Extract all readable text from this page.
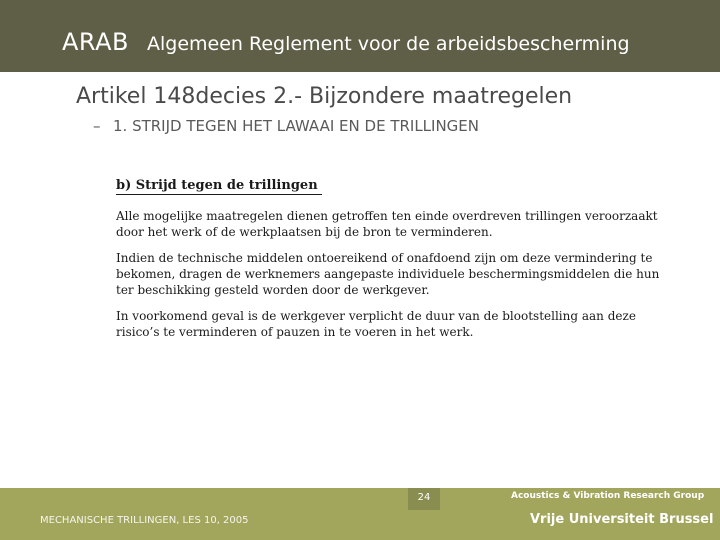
ARAB Algemeen Reglement voor de arbeidsbescherming
Artikel 148decies 2.- Bijzondere maatregelen
– 1. STRIJD TEGEN HET LAWAAI EN DE TRILLINGEN
b) Strijd tegen de trillingen

Alle mogelijke maatregelen dienen getroffen ten einde overdreven trillingen veroorzaakt door het werk of de werkplaatsen bij de bron te verminderen.

Indien de technische middelen ontoereikend of onafdoend zijn om deze vermindering te bekomen, dragen de werknemers aangepaste individuele beschermingsmiddelen die hun ter beschikking gesteld worden door de werkgever.

In voorkomend geval is de werkgever verplicht de duur van de blootstelling aan deze risico’s te verminderen of pauzen in te voeren in het werk.

24
MECHANISCHE TRILLINGEN, LES 10, 2005
Acoustics & Vibration Research Group
Vrije Universiteit Brussel
